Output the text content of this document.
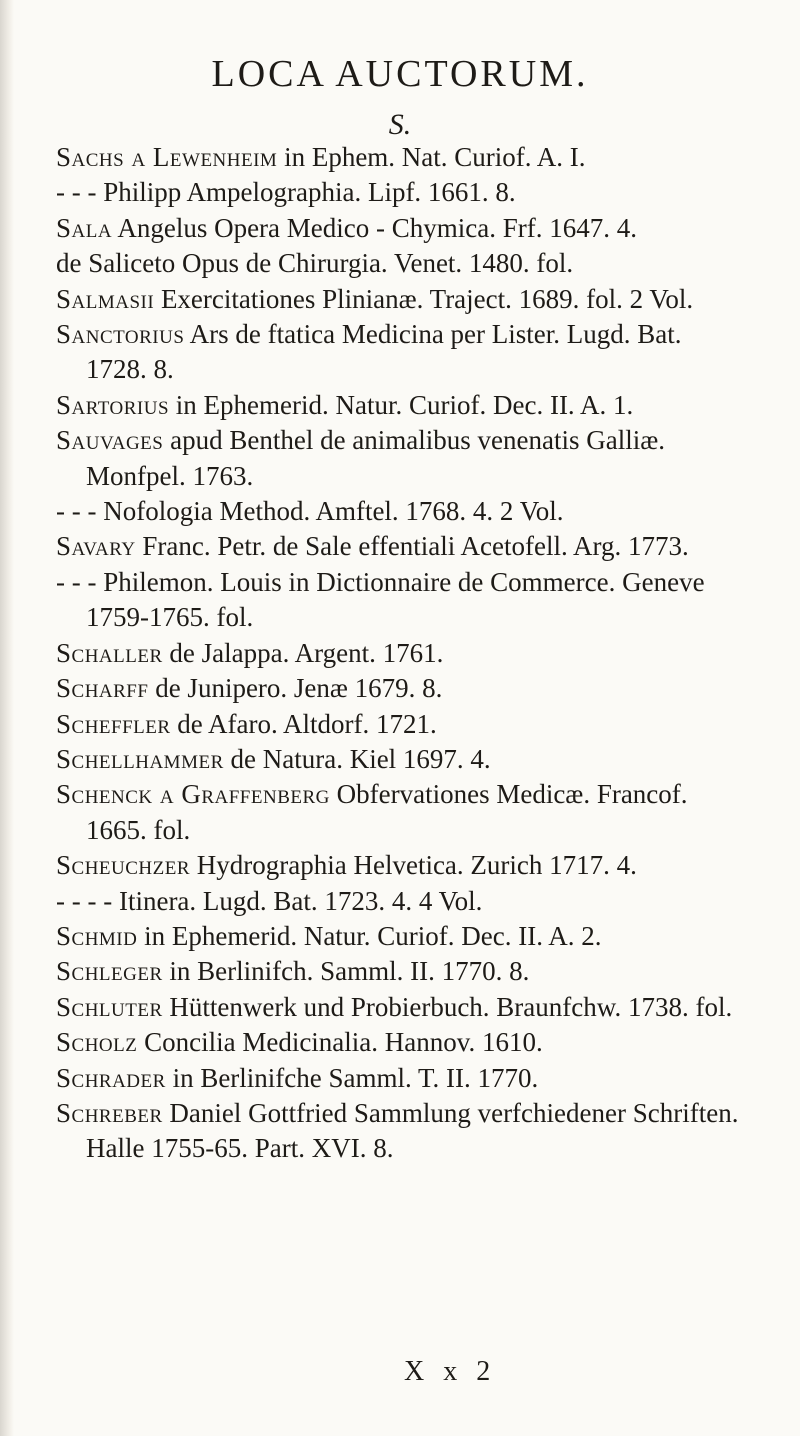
LOCA AUCTORUM.
S.
Sachs a Lewenheim in Ephem. Nat. Curiof. A. I.
- - - Philipp Ampelographia. Lipf. 1661. 8.
Sala Angelus Opera Medico - Chymica. Frf. 1647. 4.
de Saliceto Opus de Chirurgia. Venet. 1480. fol.
Salmasii Exercitationes Plinianæ. Traject. 1689. fol. 2 Vol.
Sanctorius Ars de ftatica Medicina per Lister. Lugd. Bat. 1728. 8.
Sartorius in Ephemerid. Natur. Curiof. Dec. II. A. 1.
Sauvages apud Benthel de animalibus venenatis Galliæ. Monfpel. 1763.
- - - Nofologia Method. Amftel. 1768. 4. 2 Vol.
Savary Franc. Petr. de Sale effentiali Acetofell. Arg. 1773.
- - - Philemon. Louis in Dictionnaire de Commerce. Geneve 1759-1765. fol.
Schaller de Jalappa. Argent. 1761.
Scharff de Junipero. Jenæ 1679. 8.
Scheffler de Afaro. Altdorf. 1721.
Schellhammer de Natura. Kiel 1697. 4.
Schenck a Graffenberg Obfervationes Medicæ. Francof. 1665. fol.
Scheuchzer Hydrographia Helvetica. Zurich 1717. 4.
- - - - Itinera. Lugd. Bat. 1723. 4. 4 Vol.
Schmid in Ephemerid. Natur. Curiof. Dec. II. A. 2.
Schleger in Berlinifch. Samml. II. 1770. 8.
Schluter Hüttenwerk und Probierbuch. Braunfchw. 1738. fol.
Scholz Concilia Medicinalia. Hannov. 1610.
Schrader in Berlinifche Samml. T. II. 1770.
Schreber Daniel Gottfried Sammlung verfchiedener Schriften. Halle 1755-65. Part. XVI. 8.
X x 2
